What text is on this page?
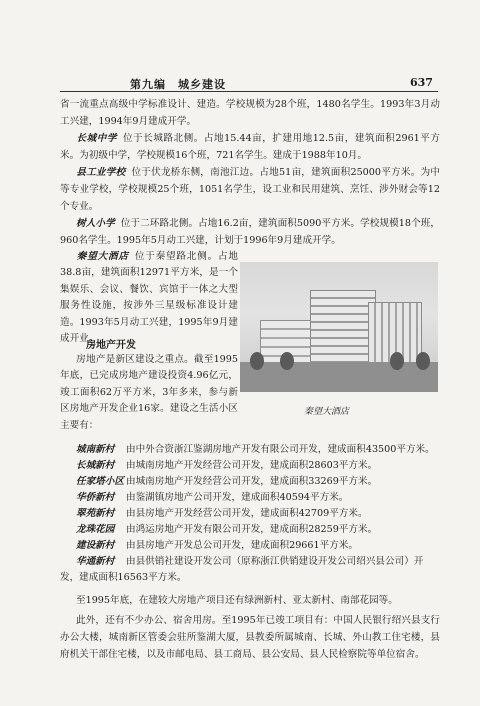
第九编　城乡建设	637
省一流重点高级中学标准设计、建造。学校规模为28个班，1480名学生。1993年3月动工兴建，1994年9月建成开学。
长城中学 位于长城路北侧。占地15.44亩，扩建用地12.5亩，建筑面积2961平方米。为初级中学，学校规模16个班，721名学生。建成于1988年10月。
县工业学校 位于伏龙桥东侧，南池江边。占地51亩，建筑面积25000平方米。为中等专业学校，学校规模25个班，1051名学生，设工业和民用建筑、烹饪、涉外财会等12个专业。
树人小学 位于二环路北侧。占地16.2亩，建筑面积5090平方米。学校规模18个班，960名学生。1995年5月动工兴建，计划于1996年9月建成开学。
秦望大酒店 位于秦望路北侧。占地38.8亩，建筑面积12971平方米，是一个集娱乐、会议、餐饮、宾馆于一体之大型服务性设施，按涉外三星级标准设计建造。1993年5月动工兴建，1995年9月建成开业。
秦望大酒店
房地产开发
房地产是新区建设之重点。截至1995年底，已完成房地产建设投资4.96亿元，竣工面积62万平方米，3年多来，参与新区房地产开发企业16家。建设之生活小区主要有：
城南新村 由中外合资浙江鉴湖房地产开发有限公司开发，建成面积43500平方米。
长城新村 由城南房地产开发经营公司开发，建成面积28603平方米。
任家塔小区 由城南房地产开发经营公司开发，建成面积33269平方米。
华侨新村 由鉴湖镇房地产公司开发，建成面积40594平方米。
翠苑新村 由县房地产开发经营公司开发，建成面积42709平方米。
龙珠花园 由鸿运房地产开发有限公司开发，建成面积28259平方米。
建设新村 由县房地产开发总公司开发，建成面积29661平方米。
华通新村 由县供销社建设开发公司（原称浙江供销建设开发公司绍兴县公司）开发，建成面积16563平方米。
至1995年底，在建较大房地产项目还有绿洲新村、亚太新村、南部花园等。
此外，还有不少办公、宿舍用房。至1995年已竣工项目有：中国人民银行绍兴县支行办公大楼，城南新区管委会驻所鉴湖大厦，县教委所属城南、长城、外山教工住宅楼，县府机关干部住宅楼，以及市邮电局、县工商局、县公安局、县人民检察院等单位宿舍。
